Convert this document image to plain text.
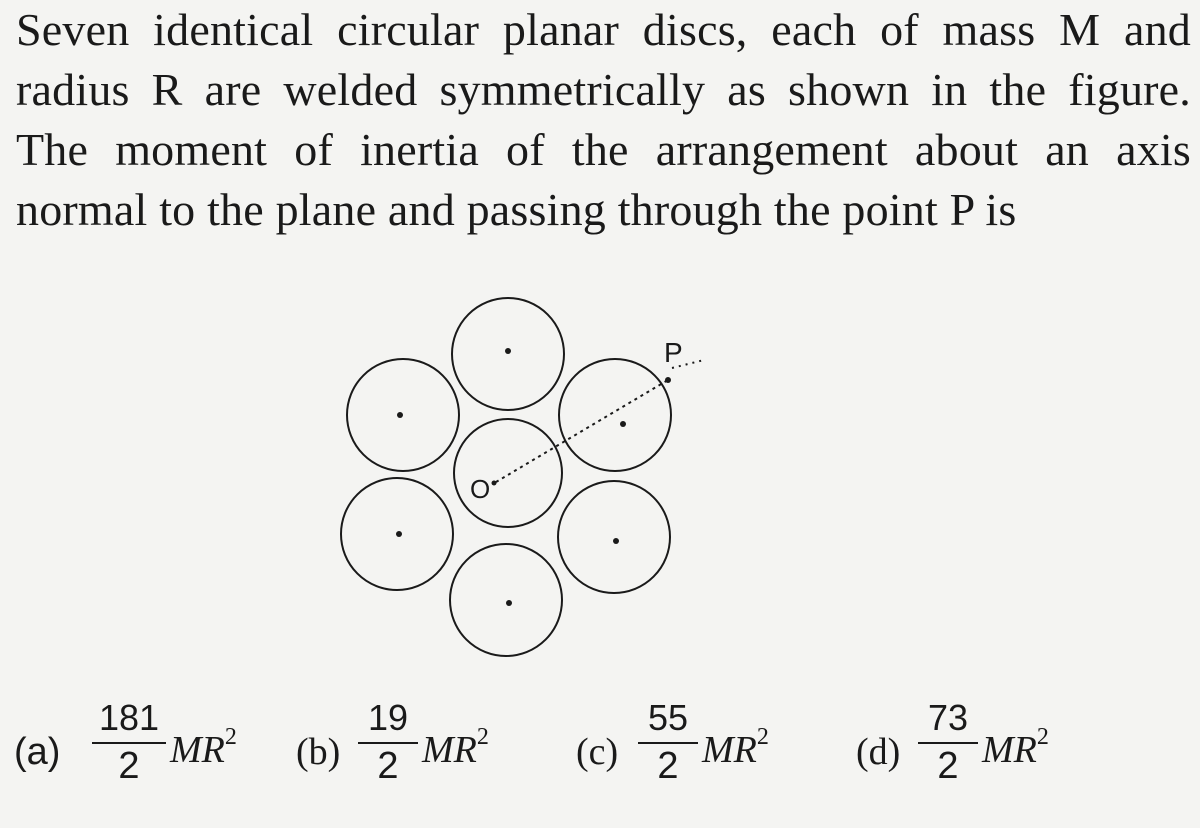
Seven identical circular planar discs, each of mass M and
radius R are welded symmetrically as shown in the figure.
The moment of inertia of the arrangement about an axis
normal to the plane and passing through the point P is
O
P
(a)
181
2 $MR^2$ (b)
19
2 $MR^2$ (c)
55
2 $MR^2$ (d)
73
2 $MR^2$
